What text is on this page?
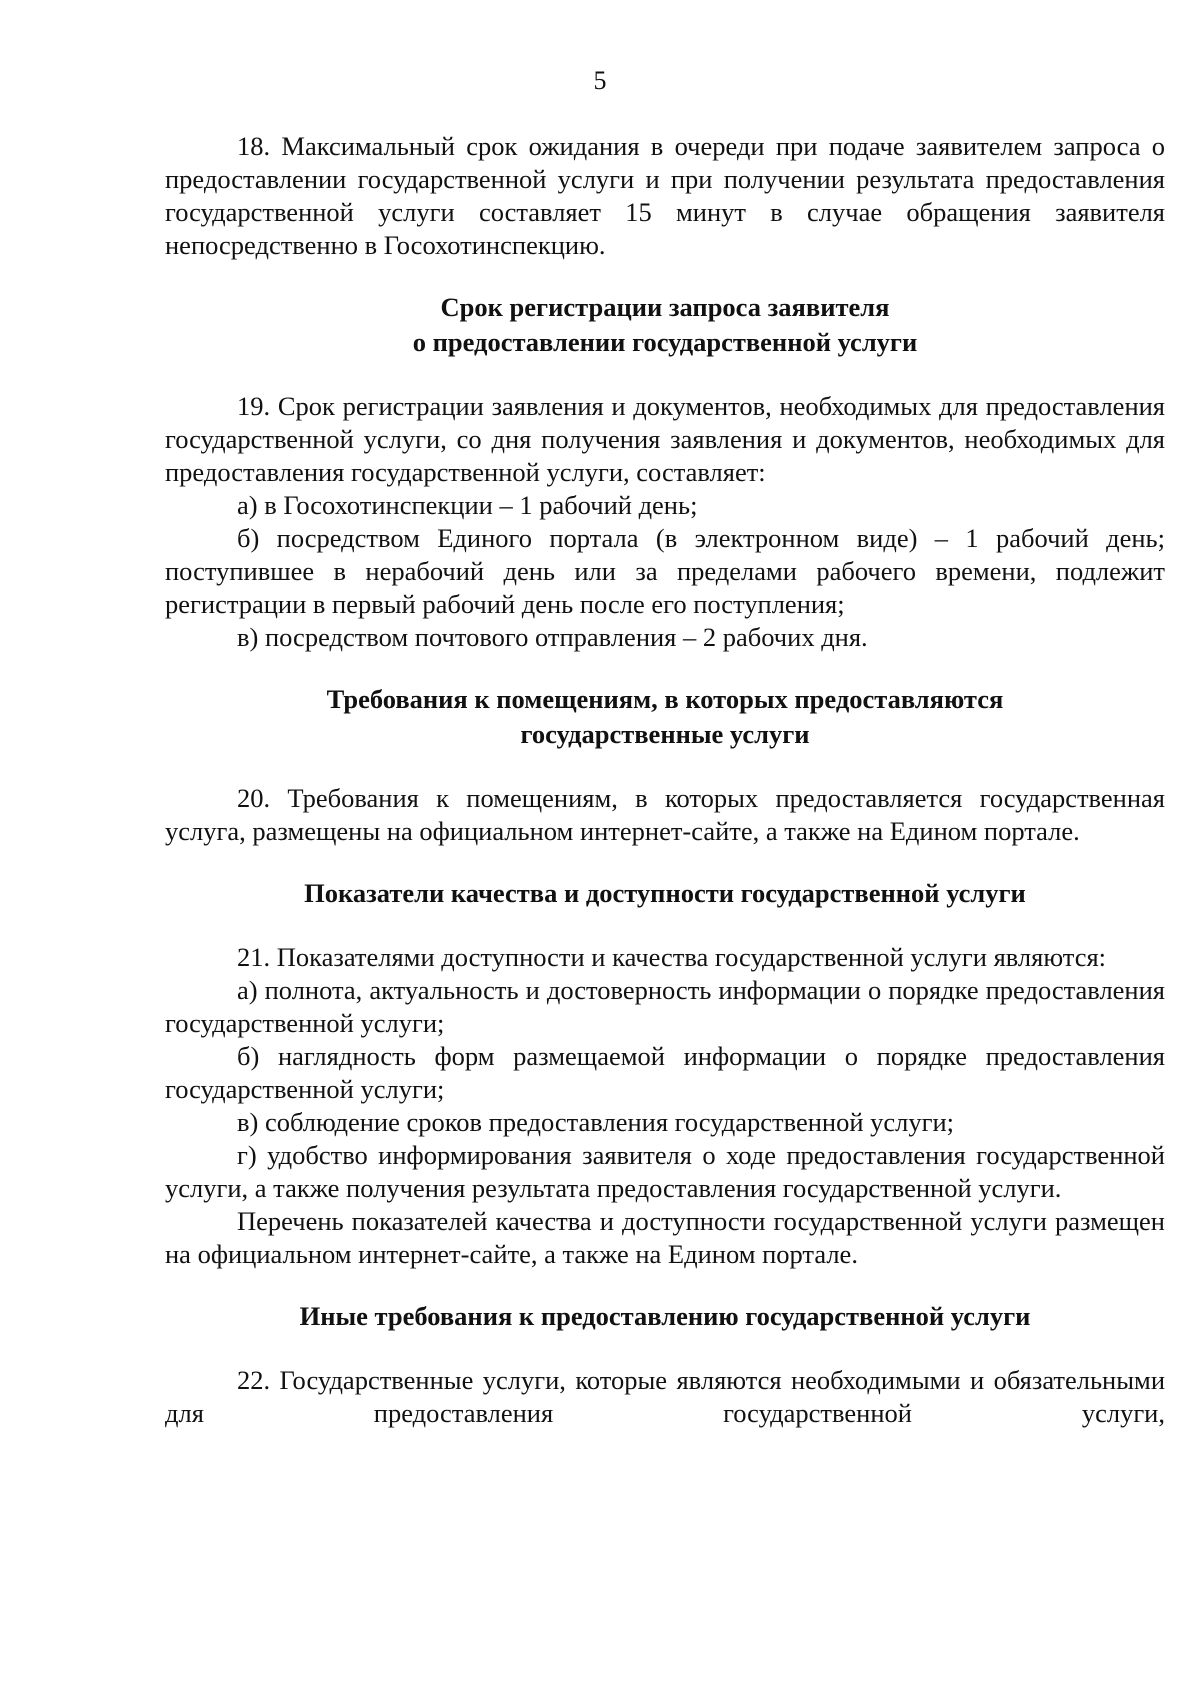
5

18. Максимальный срок ожидания в очереди при подаче заявителем запроса о предоставлении государственной услуги и при получении результата предоставления государственной услуги составляет 15 минут в случае обращения заявителя непосредственно в Госохотинспекцию.

Срок регистрации запроса заявителя
о предоставлении государственной услуги

19. Срок регистрации заявления и документов, необходимых для предоставления государственной услуги, со дня получения заявления и документов, необходимых для предоставления государственной услуги, составляет:

а) в Госохотинспекции – 1 рабочий день;

б) посредством Единого портала (в электронном виде) – 1 рабочий день; поступившее в нерабочий день или за пределами рабочего времени, подлежит регистрации в первый рабочий день после его поступления;

в) посредством почтового отправления – 2 рабочих дня.

Требования к помещениям, в которых предоставляются
государственные услуги

20. Требования к помещениям, в которых предоставляется государственная услуга, размещены на официальном интернет-сайте, а также на Едином портале.

Показатели качества и доступности государственной услуги

21. Показателями доступности и качества государственной услуги являются:

а) полнота, актуальность и достоверность информации о порядке предоставления государственной услуги;

б) наглядность форм размещаемой информации о порядке предоставления государственной услуги;

в) соблюдение сроков предоставления государственной услуги;

г) удобство информирования заявителя о ходе предоставления государственной услуги, а также получения результата предоставления государственной услуги.

Перечень показателей качества и доступности государственной услуги размещен на официальном интернет-сайте, а также на Едином портале.

Иные требования к предоставлению государственной услуги

22. Государственные услуги, которые являются необходимыми и обязательными для предоставления государственной услуги,
